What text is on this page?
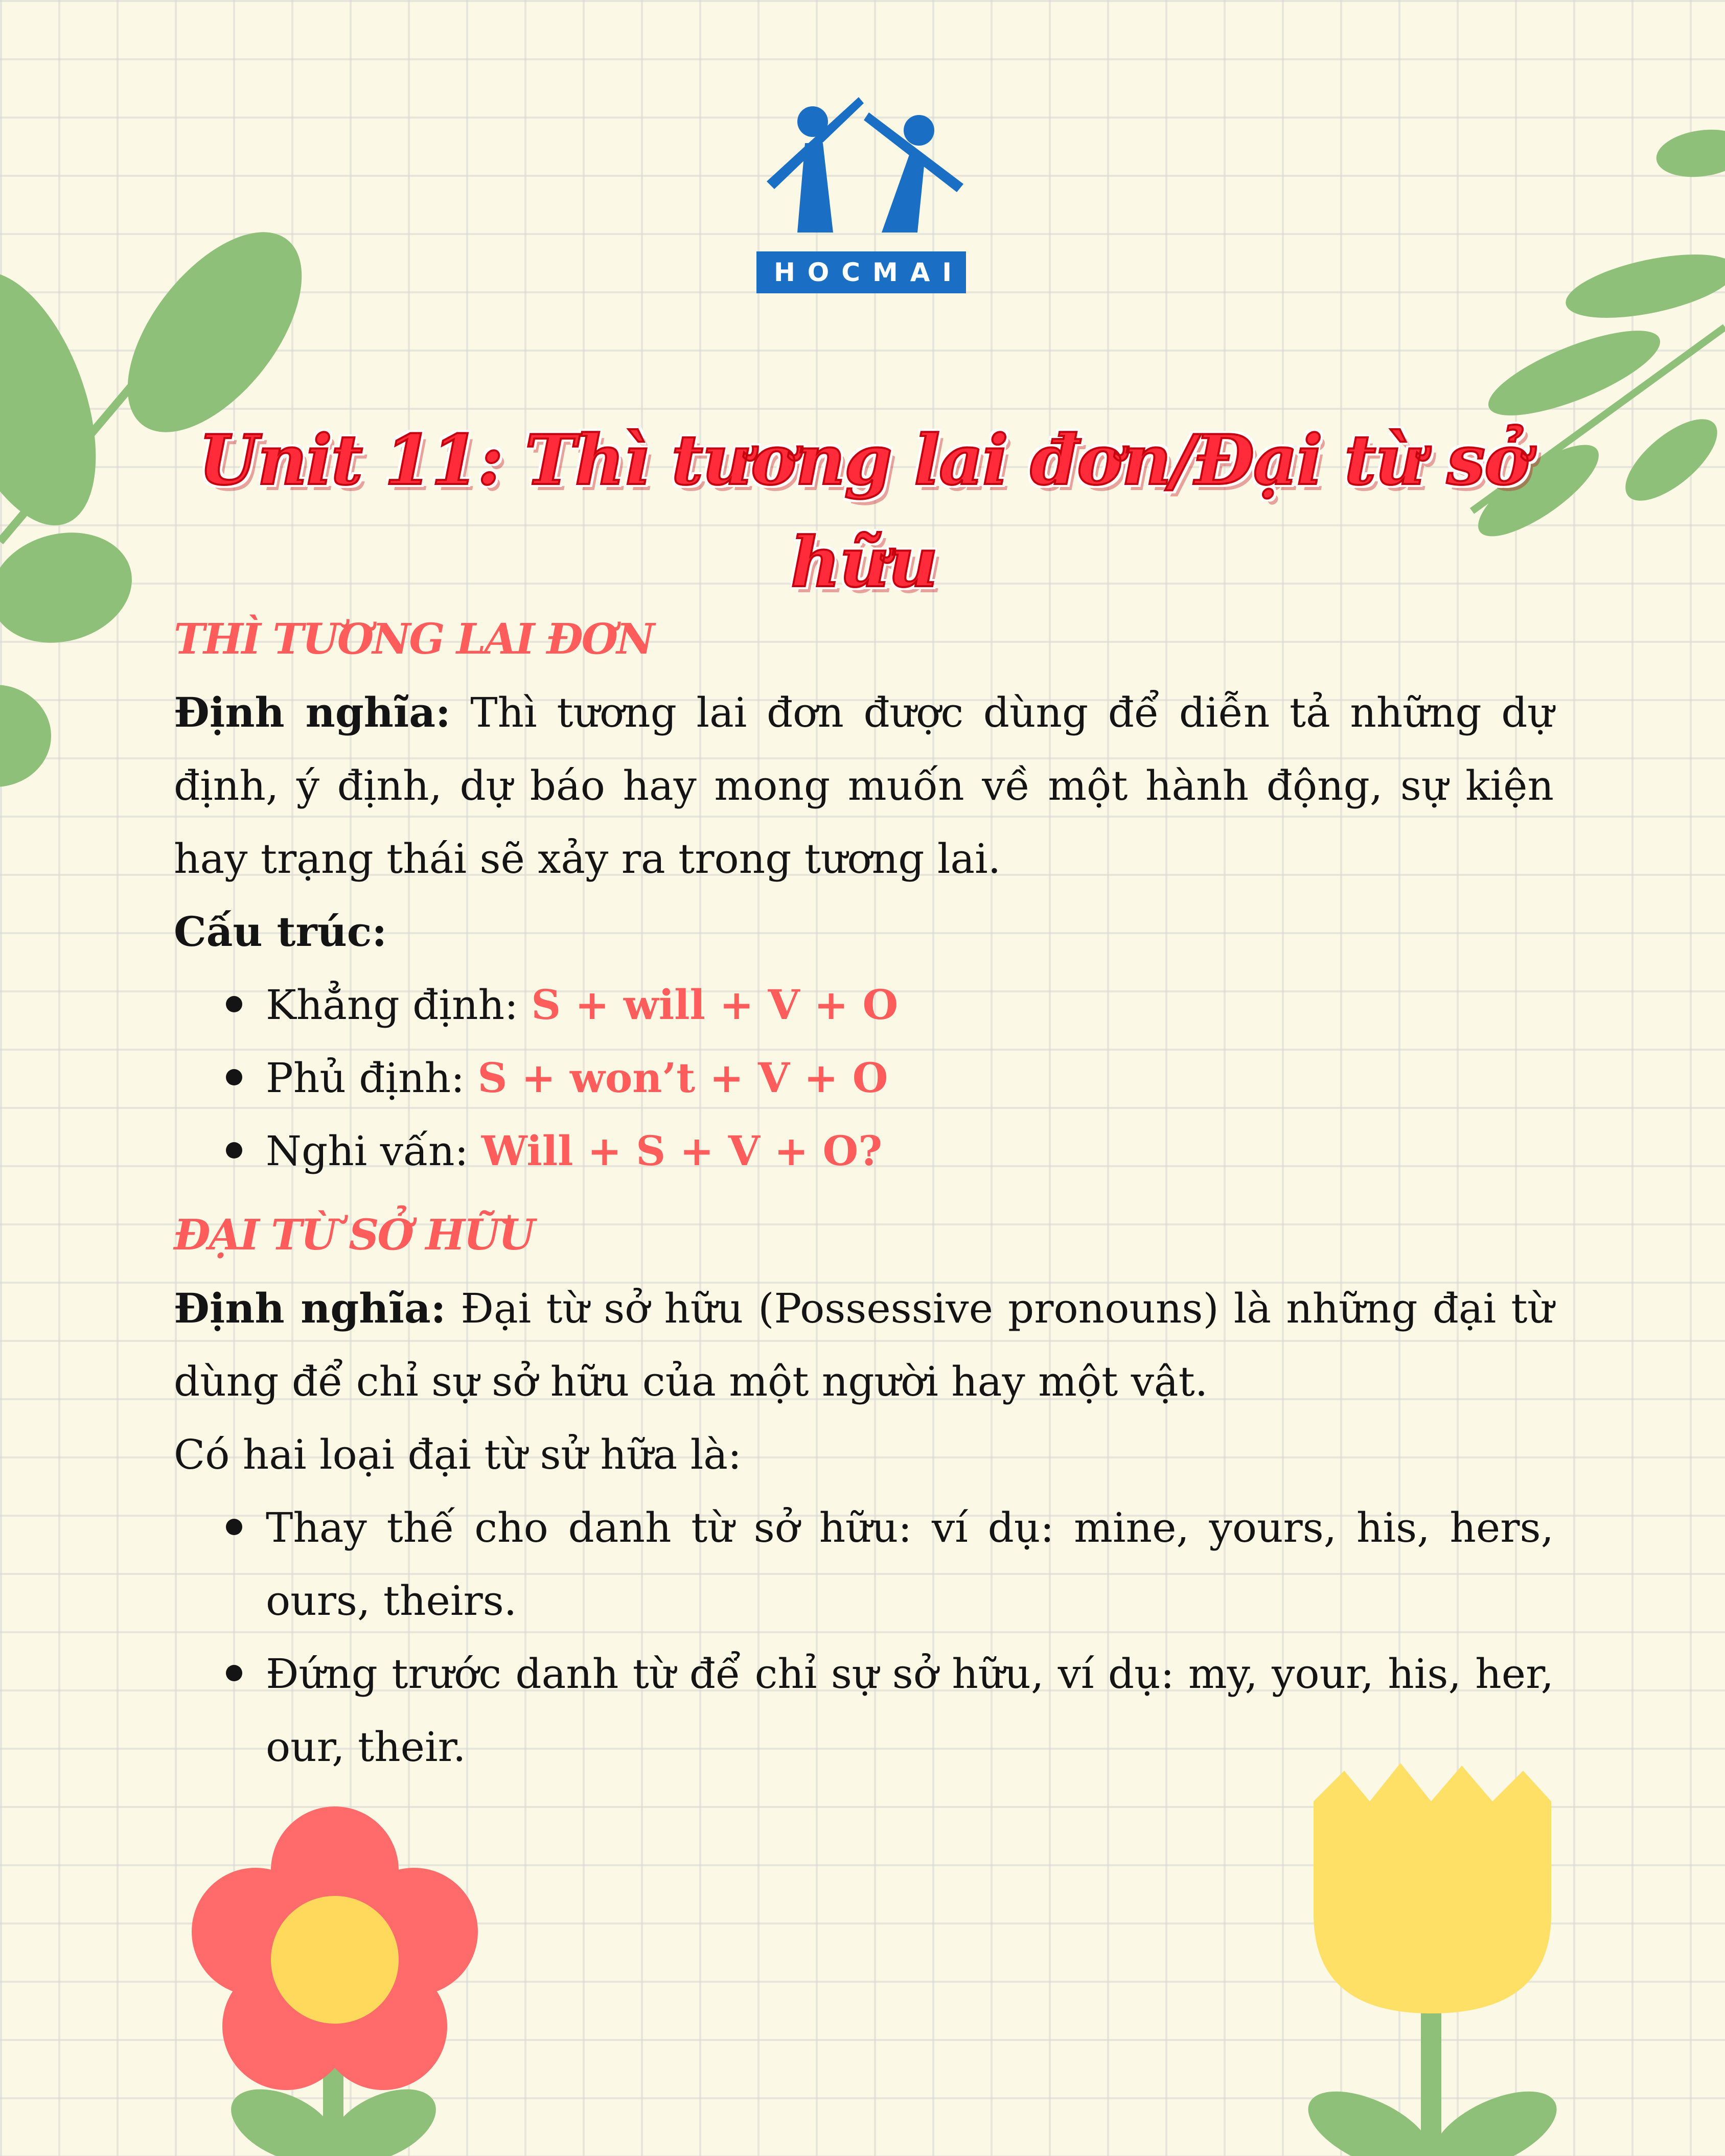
HOCMAI
Unit 11: Thì tương lai đơn/Đại từ sở hữu

THÌ TƯƠNG LAI ĐƠN

Định nghĩa: Thì tương lai đơn được dùng để diễn tả những dự định, ý định, dự báo hay mong muốn về một hành động, sự kiện hay trạng thái sẽ xảy ra trong tương lai.

Cấu trúc:

Khẳng định: S + will + V + O
Phủ định: S + won’t + V + O
Nghi vấn: Will + S + V + O?

ĐẠI TỪ SỞ HỮU

Định nghĩa: Đại từ sở hữu (Possessive pronouns) là những đại từ dùng để chỉ sự sở hữu của một người hay một vật.

Có hai loại đại từ sử hữa là:

Thay thế cho danh từ sở hữu: ví dụ: mine, yours, his, hers, ours, theirs.
Đứng trước danh từ để chỉ sự sở hữu, ví dụ: my, your, his, her, our, their.
